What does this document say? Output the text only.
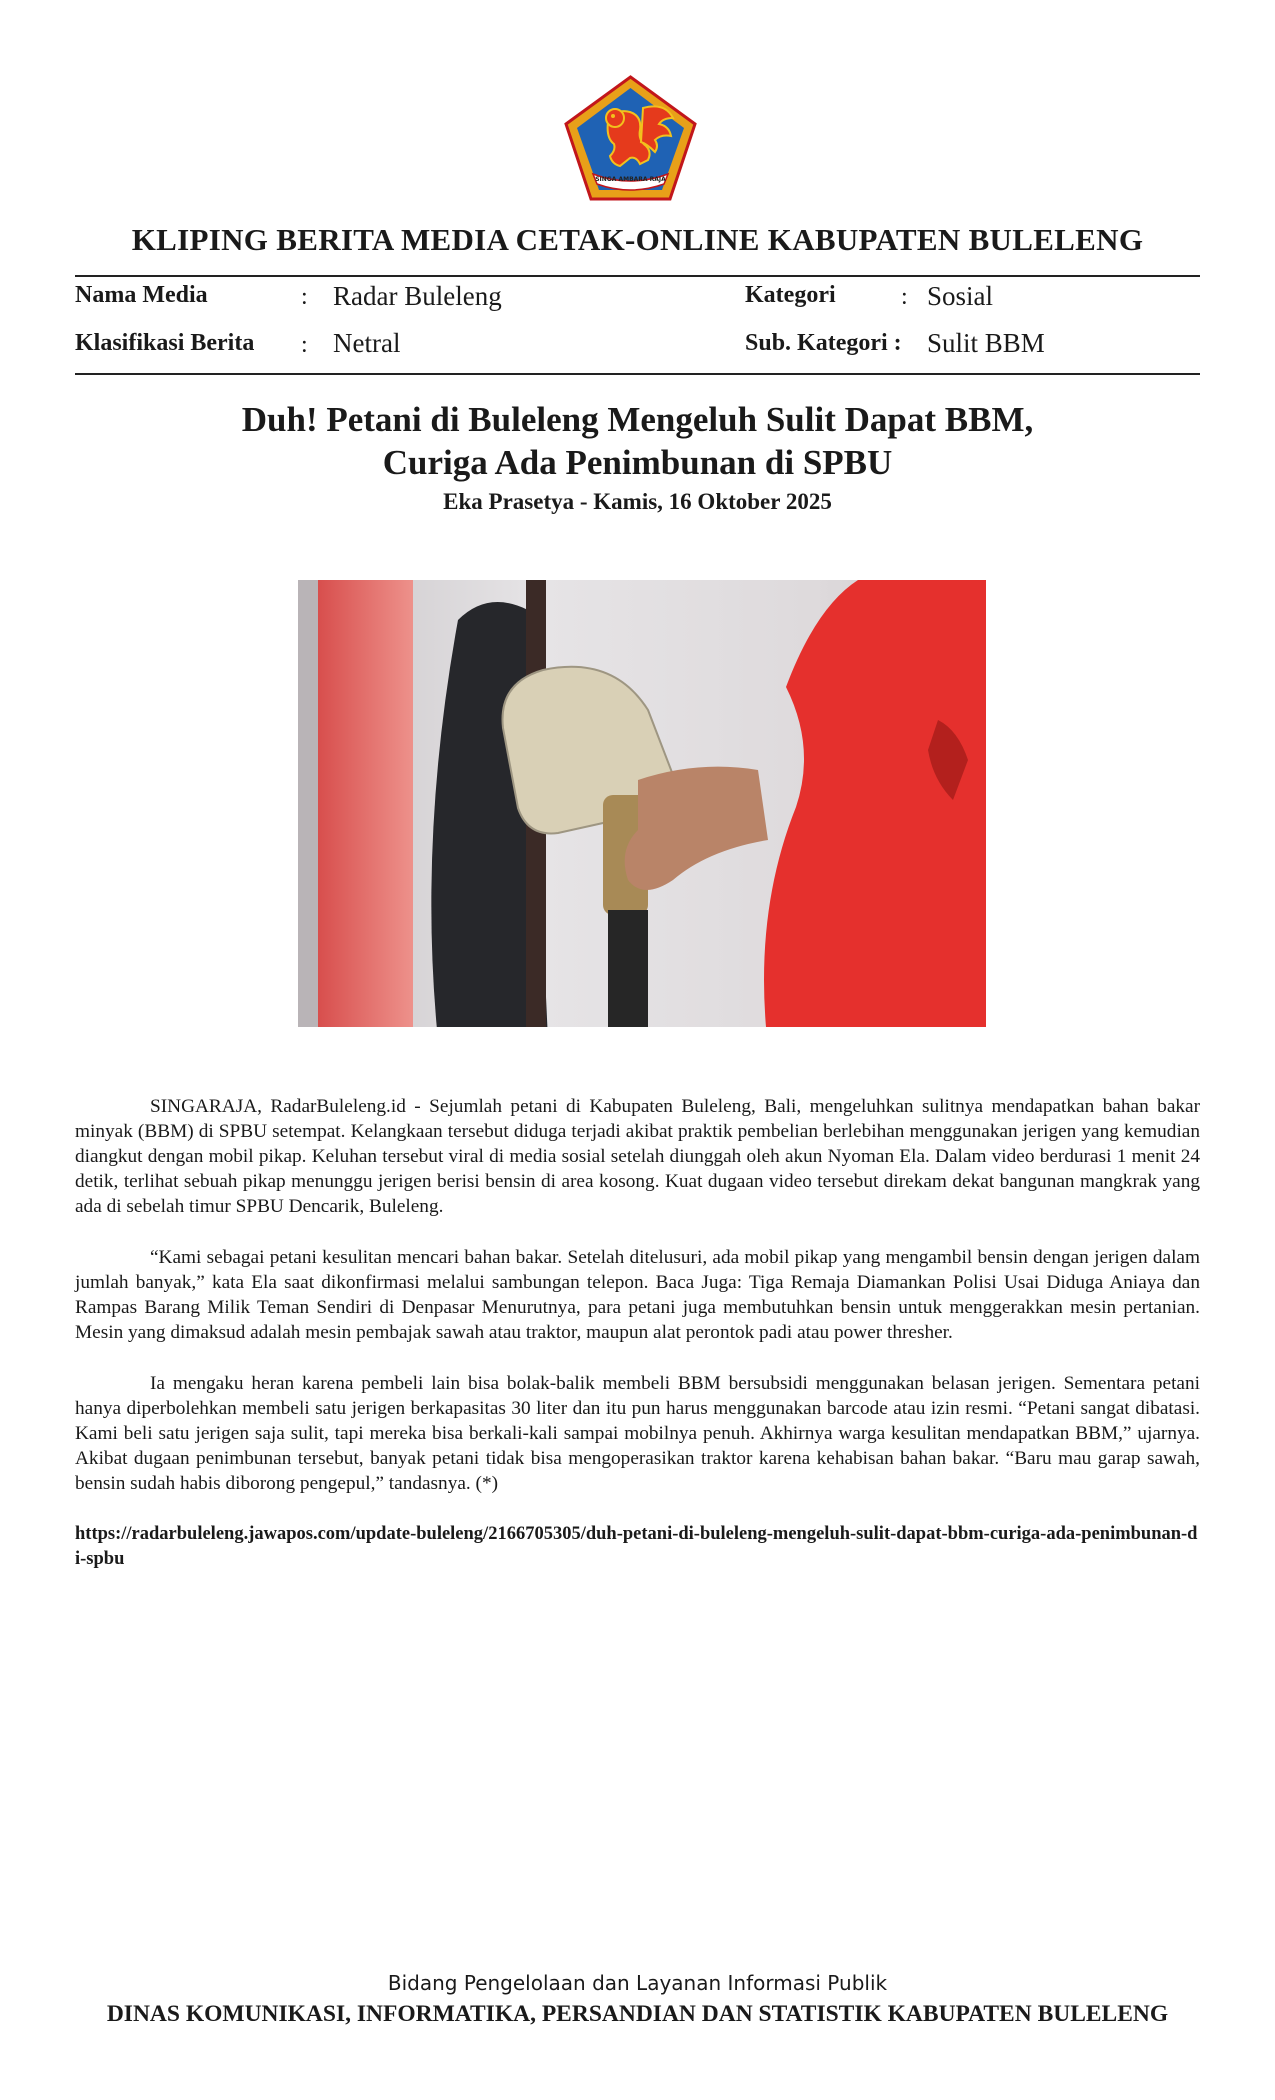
SINGA AMBARA RAJA
KLIPING BERITA MEDIA CETAK-ONLINE KABUPATEN BULELENG
Nama Media	: Radar Buleleng
Klasifikasi Berita : Netral
Kategori	: Sosial
Sub. Kategori : Sulit BBM
Duh! Petani di Buleleng Mengeluh Sulit Dapat BBM,
Curiga Ada Penimbunan di SPBU
Eka Prasetya - Kamis, 16 Oktober 2025

SINGARAJA, RadarBuleleng.id - Sejumlah petani di Kabupaten Buleleng, Bali, mengeluhkan sulitnya mendapatkan bahan bakar minyak (BBM) di SPBU setempat. Kelangkaan tersebut diduga terjadi akibat praktik pembelian berlebihan menggunakan jerigen yang kemudian diangkut dengan mobil pikap. Keluhan tersebut viral di media sosial setelah diunggah oleh akun Nyoman Ela. Dalam video berdurasi 1 menit 24 detik, terlihat sebuah pikap menunggu jerigen berisi bensin di area kosong. Kuat dugaan video tersebut direkam dekat bangunan mangkrak yang ada di sebelah timur SPBU Dencarik, Buleleng.

“Kami sebagai petani kesulitan mencari bahan bakar. Setelah ditelusuri, ada mobil pikap yang mengambil bensin dengan jerigen dalam jumlah banyak,” kata Ela saat dikonfirmasi melalui sambungan telepon. Baca Juga: Tiga Remaja Diamankan Polisi Usai Diduga Aniaya dan Rampas Barang Milik Teman Sendiri di Denpasar Menurutnya, para petani juga membutuhkan bensin untuk menggerakkan mesin pertanian. Mesin yang dimaksud adalah mesin pembajak sawah atau traktor, maupun alat perontok padi atau power thresher.

Ia mengaku heran karena pembeli lain bisa bolak-balik membeli BBM bersubsidi menggunakan belasan jerigen. Sementara petani hanya diperbolehkan membeli satu jerigen berkapasitas 30 liter dan itu pun harus menggunakan barcode atau izin resmi. “Petani sangat dibatasi. Kami beli satu jerigen saja sulit, tapi mereka bisa berkali-kali sampai mobilnya penuh. Akhirnya warga kesulitan mendapatkan BBM,” ujarnya. Akibat dugaan penimbunan tersebut, banyak petani tidak bisa mengoperasikan traktor karena kehabisan bahan bakar. “Baru mau garap sawah, bensin sudah habis diborong pengepul,” tandasnya. (*)

https://radarbuleleng.jawapos.com/update-buleleng/2166705305/duh-petani-di-buleleng-mengeluh-sulit-dapat-bbm-curiga-ada-penimbunan-di-spbu
Bidang Pengelolaan dan Layanan Informasi Publik
DINAS KOMUNIKASI, INFORMATIKA, PERSANDIAN DAN STATISTIK KABUPATEN BULELENG
